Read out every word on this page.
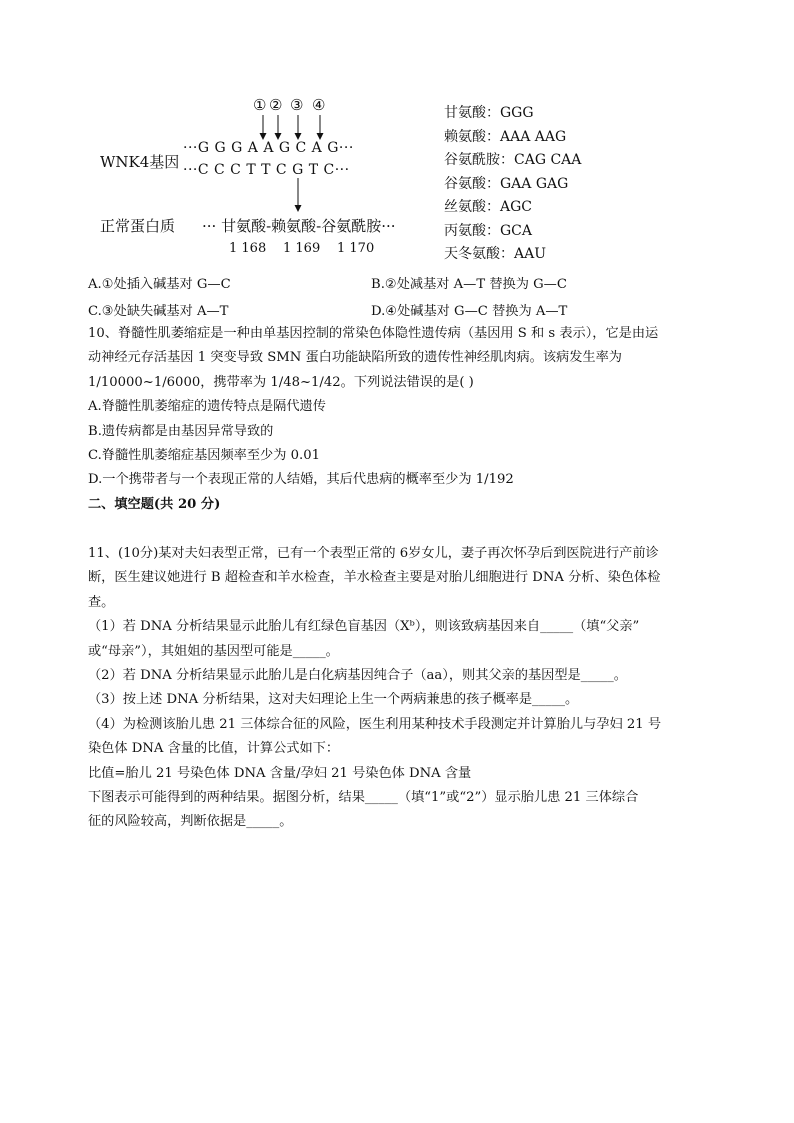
① ② ③ ④
WNK4基因
···G G G A A G C A G···
···C C C T T C G T C···
正常蛋白质 ··· 甘氨酸-赖氨酸-谷氨酰胺···
1 168 1 169 1 170
甘氨酸：GGG
赖氨酸：AAA AAG
谷氨酰胺：CAG CAA
谷氨酸：GAA GAG
丝氨酸：AGC
丙氨酸：GCA
天冬氨酸：AAU
A.①处插入碱基对 G—C	B.②处减基对 A—T 替换为 G—C
C.③处缺失碱基对 A—T	D.④处碱基对 G—C 替换为 A—T
10、脊髓性肌萎缩症是一种由单基因控制的常染色体隐性遗传病（基因用 S 和 s 表示），它是由运
动神经元存活基因 1 突变导致 SMN 蛋白功能缺陷所致的遗传性神经肌肉病。该病发生率为
1/10000~1/6000，携带率为 1/48~1/42。下列说法错误的是( )
A.脊髓性肌萎缩症的遗传特点是隔代遗传
B.遗传病都是由基因异常导致的
C.脊髓性肌萎缩症基因频率至少为 0.01
D.一个携带者与一个表现正常的人结婚，其后代患病的概率至少为 1/192
二、填空题(共 20 分)
11、(10分)某对夫妇表型正常，已有一个表型正常的 6岁女儿，妻子再次怀孕后到医院进行产前诊
断，医生建议她进行 B 超检查和羊水检查，羊水检查主要是对胎儿细胞进行 DNA 分析、染色体检
查。
（1）若 DNA 分析结果显示此胎儿有红绿色盲基因（Xᵇ），则该致病基因来自_____（填“父亲”
或“母亲”），其姐姐的基因型可能是_____。
（2）若 DNA 分析结果显示此胎儿是白化病基因纯合子（aa），则其父亲的基因型是_____。
（3）按上述 DNA 分析结果，这对夫妇理论上生一个两病兼患的孩子概率是_____。
（4）为检测该胎儿患 21 三体综合征的风险，医生利用某种技术手段测定并计算胎儿与孕妇 21 号
染色体 DNA 含量的比值，计算公式如下：
比值=胎儿 21 号染色体 DNA 含量/孕妇 21 号染色体 DNA 含量
下图表示可能得到的两种结果。据图分析，结果_____（填“1”或“2”）显示胎儿患 21 三体综合
征的风险较高，判断依据是_____。
